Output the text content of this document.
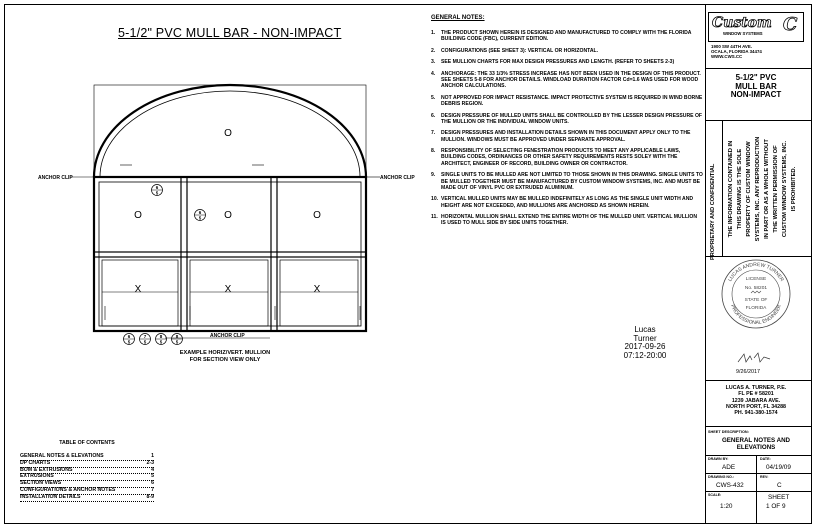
5-1/2" PVC MULL BAR - NON-IMPACT
O
O	O	O
X	X	X
6
5
6
5
6
5
7
5
8
5
8
5
ANCHOR CLIP	ANCHOR CLIP
ANCHOR CLIP
EXAMPLE HORIZ/VERT. MULLION
FOR SECTION VIEW ONLY
GENERAL NOTES:
1.	THE PRODUCT SHOWN HEREIN IS DESIGNED AND MANUFACTURED TO COMPLY WITH THE FLORIDA BUILDING CODE (FBC), CURRENT EDITION.
2.	CONFIGURATIONS (SEE SHEET 3): VERTICAL OR HORIZONTAL.
3.	SEE MULLION CHARTS FOR MAX DESIGN PRESSURES AND LENGTH. (REFER TO SHEETS 2-3)
4.	ANCHORAGE: THE 33 1/3% STRESS INCREASE HAS NOT BEEN USED IN THE DESIGN OF THIS PRODUCT. SEE SHEETS 5-8 FOR ANCHOR DETAILS. WINDLOAD DURATION FACTOR Cd=1.6 WAS USED FOR WOOD ANCHOR CALCULATIONS.
5.	NOT APPROVED FOR IMPACT RESISTANCE. IMPACT PROTECTIVE SYSTEM IS REQUIRED IN WIND BORNE DEBRIS REGION.
6.	DESIGN PRESSURE OF MULLED UNITS SHALL BE CONTROLLED BY THE LESSER DESIGN PRESSURE OF THE MULLION OR THE INDIVIDUAL WINDOW UNITS.
7.	DESIGN PRESSURES AND INSTALLATION DETAILS SHOWN IN THIS DOCUMENT APPLY ONLY TO THE MULLION. WINDOWS MUST BE APPROVED UNDER SEPARATE APPROVAL.
8.	RESPONSIBILITY OF SELECTING FENESTRATION PRODUCTS TO MEET ANY APPLICABLE LAWS, BUILDING CODES, ORDINANCES OR OTHER SAFETY REQUIREMENTS RESTS SOLEY WITH THE ARCHITECT, ENGINEER OF RECORD, BUILDING OWNER OR CONTRACTOR.
9.	SINGLE UNITS TO BE MULLED ARE NOT LIMITED TO THOSE SHOWN IN THIS DRAWING. SINGLE UNITS TO BE MULLED TOGETHER MUST BE MANUFACTURED BY CUSTOM WINDOW SYSTEMS, INC. AND MUST BE MADE OUT OF VINYL PVC OR EXTRUDED ALUMINUM.
10. VERTICAL MULLED UNITS MAY BE MULLED INDEFINITELY AS LONG AS THE SINGLE UNIT WIDTH AND HEIGHT ARE NOT EXCEEDED, AND MULLIONS ARE ANCHORED AS SHOWN HEREIN.
11. HORIZONTAL MULLION SHALL EXTEND THE ENTIRE WIDTH OF THE MULLED UNIT. VERTICAL MULLION IS USED TO MULL SIDE BY SIDE UNITS TOGETHER.
Lucas
Turner
2017-09-26
07:12-20:00
TABLE OF CONTENTS
GENERAL NOTES & ELEVATIONS	1
DP CHARTS	2-3
BOM & EXTRUSIONS	4
EXTRUSIONS	5
SECTION VIEWS	6
CONFIGURATIONS & ANCHOR NOTES	7
INSTALLATION DETAILS	8-9
Custom C
WINDOW SYSTEMS
1900 SW 44TH AVE.
OCALA, FLORIDA 34474
WWW.CWS.CC
5-1/2" PVC
MULL BAR
NON-IMPACT
PROPRIETARY AND CONFIDENTIAL THE INFORMATION CONTAINED IN THIS DRAWING IS THE SOLE PROPERTY OF CUSTOM WINDOW SYSTEMS, INC. ANY REPRODUCTION IN PART OR AS A WHOLE WITHOUT THE WRITTEN PERMISSION OF CUSTOM WINDOW SYSTEMS, INC. IS PROHIBITED.
LUCAS ANDREW TURNER
PROFESSIONAL ENGINEER
LICENSE
No. 58201
STATE OF
FLORIDA
9/26/2017
LUCAS A. TURNER, P.E.
FL PE # 58201
1239 JABARA AVE.
NORTH PORT, FL 34288
PH. 941-380-1574
SHEET DESCRIPTION:
GENERAL NOTES AND
ELEVATIONS
DRAWN BY:
ADE
DATE:
04/19/09
DRAWING NO.:
CWS-432
REV:
C
SCALE:
1:20
SHEET
1 OF 9
